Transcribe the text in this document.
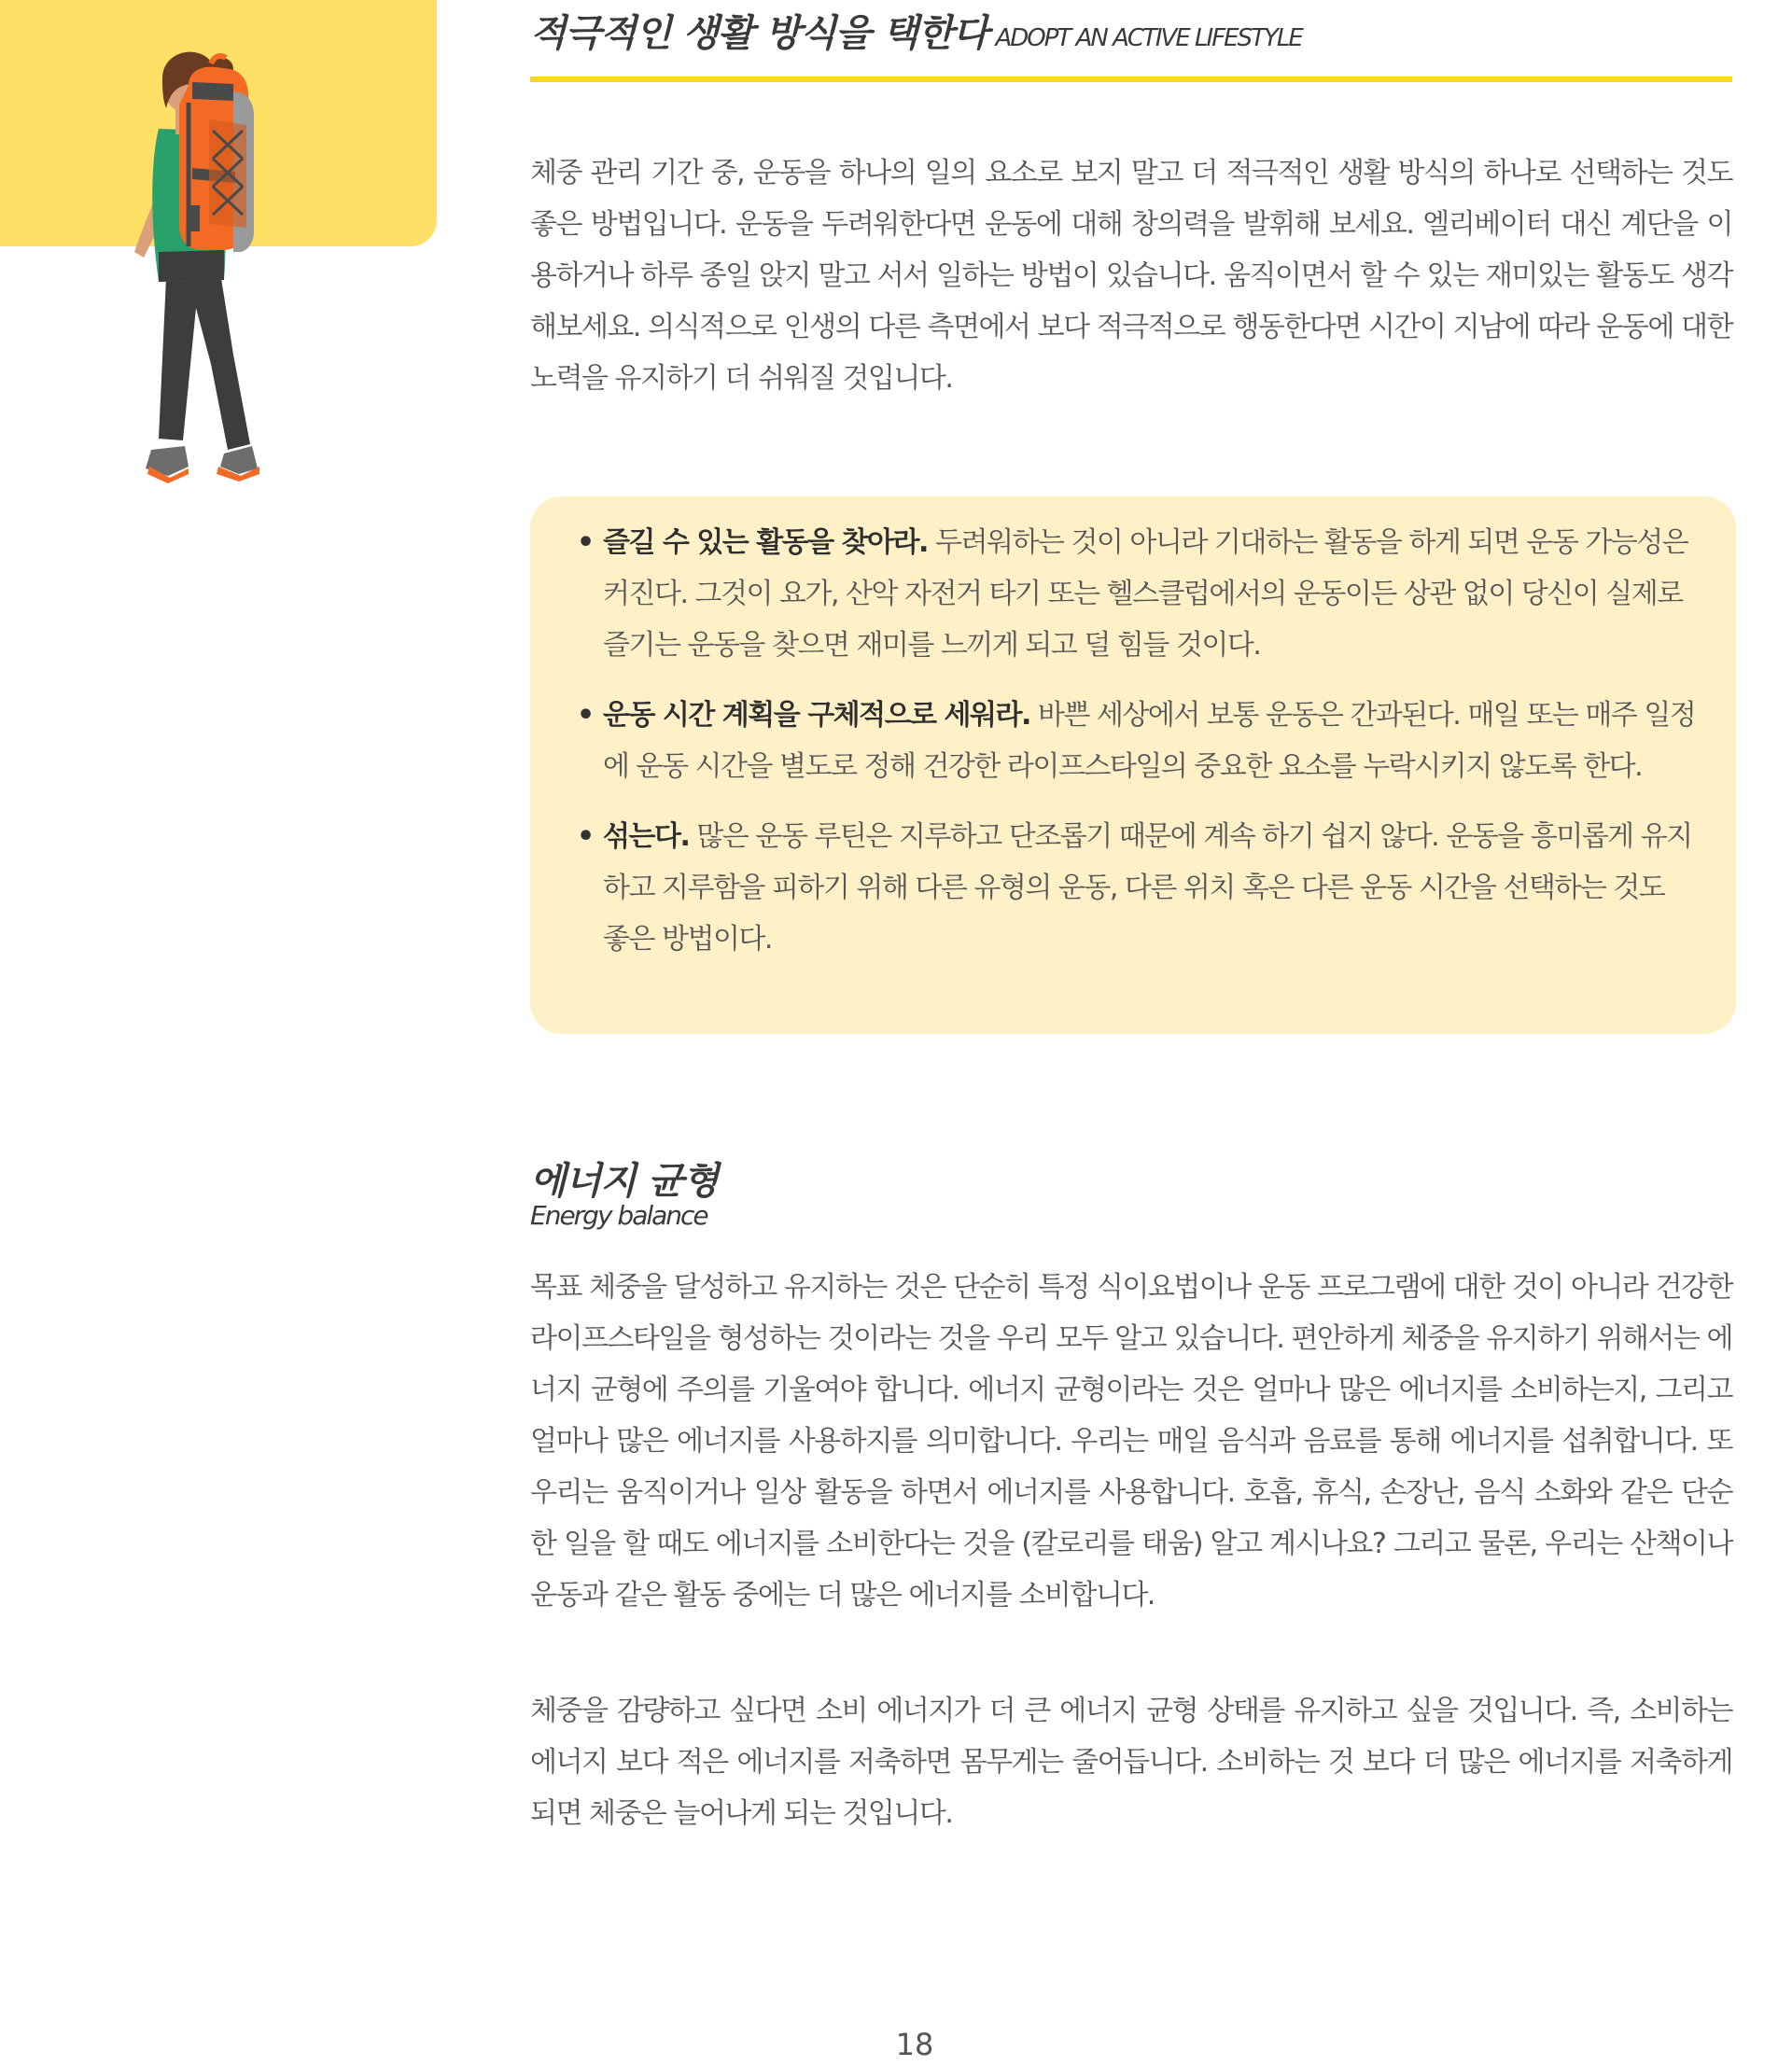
적극적인 생활 방식을 택한다 ADOPT AN ACTIVE LIFESTYLE

체중 관리 기간 중, 운동을 하나의 일의 요소로 보지 말고 더 적극적인 생활 방식의 하나로 선택하는 것도 좋은 방법입니다. 운동을 두려워한다면 운동에 대해 창의력을 발휘해 보세요. 엘리베이터 대신 계단을 이용하거나 하루 종일 앉지 말고 서서 일하는 방법이 있습니다. 움직이면서 할 수 있는 재미있는 활동도 생각해보세요. 의식적으로 인생의 다른 측면에서 보다 적극적으로 행동한다면 시간이 지남에 따라 운동에 대한 노력을 유지하기 더 쉬워질 것입니다.

• 즐길 수 있는 활동을 찾아라. 두려워하는 것이 아니라 기대하는 활동을 하게 되면 운동 가능성은 커진다. 그것이 요가, 산악 자전거 타기 또는 헬스클럽에서의 운동이든 상관 없이 당신이 실제로 즐기는 운동을 찾으면 재미를 느끼게 되고 덜 힘들 것이다.
• 운동 시간 계획을 구체적으로 세워라. 바쁜 세상에서 보통 운동은 간과된다. 매일 또는 매주 일정에 운동 시간을 별도로 정해 건강한 라이프스타일의 중요한 요소를 누락시키지 않도록 한다.
• 섞는다. 많은 운동 루틴은 지루하고 단조롭기 때문에 계속 하기 쉽지 않다. 운동을 흥미롭게 유지하고 지루함을 피하기 위해 다른 유형의 운동, 다른 위치 혹은 다른 운동 시간을 선택하는 것도 좋은 방법이다.
에너지 균형

Energy balance

목표 체중을 달성하고 유지하는 것은 단순히 특정 식이요법이나 운동 프로그램에 대한 것이 아니라 건강한 라이프스타일을 형성하는 것이라는 것을 우리 모두 알고 있습니다. 편안하게 체중을 유지하기 위해서는 에너지 균형에 주의를 기울여야 합니다. 에너지 균형이라는 것은 얼마나 많은 에너지를 소비하는지, 그리고 얼마나 많은 에너지를 사용하지를 의미합니다. 우리는 매일 음식과 음료를 통해 에너지를 섭취합니다. 또 우리는 움직이거나 일상 활동을 하면서 에너지를 사용합니다. 호흡, 휴식, 손장난, 음식 소화와 같은 단순한 일을 할 때도 에너지를 소비한다는 것을 (칼로리를 태움) 알고 계시나요? 그리고 물론, 우리는 산책이나 운동과 같은 활동 중에는 더 많은 에너지를 소비합니다.

체중을 감량하고 싶다면 소비 에너지가 더 큰 에너지 균형 상태를 유지하고 싶을 것입니다. 즉, 소비하는 에너지 보다 적은 에너지를 저축하면 몸무게는 줄어듭니다. 소비하는 것 보다 더 많은 에너지를 저축하게 되면 체중은 늘어나게 되는 것입니다.

18
